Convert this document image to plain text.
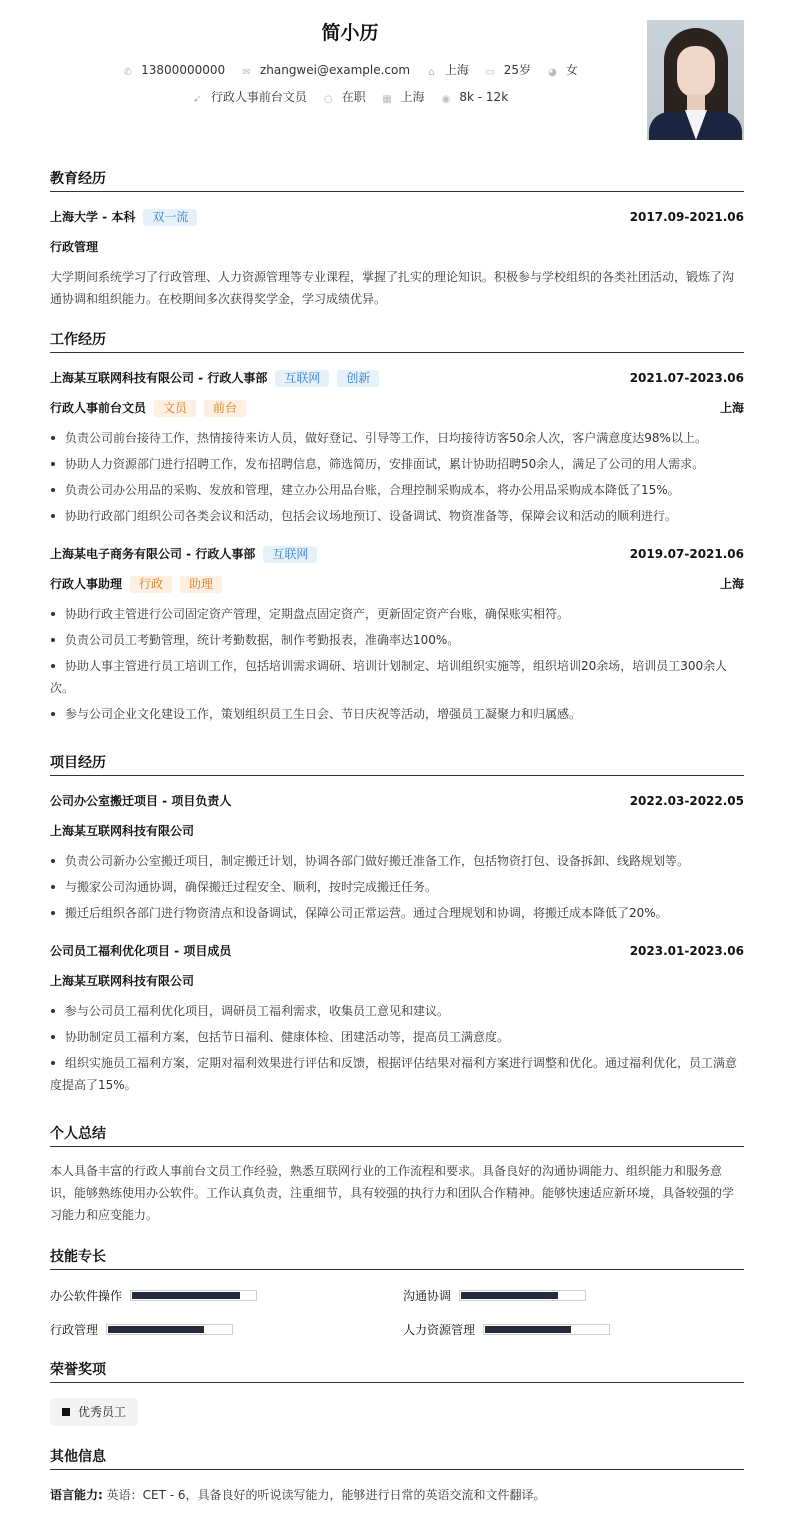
简小历
✆ 13800000000 ✉ zhangwei@example.com ⌂ 上海 ▭ 25岁 ◕ 女
➹ 行政人事前台文员 ○ 在职 ▦ 上海 ◉ 8k - 12k
教育经历
上海大学 - 本科 双一流	2017.09-2021.06
行政管理
大学期间系统学习了行政管理、人力资源管理等专业课程，掌握了扎实的理论知识。积极参与学校组织的各类社团活动，锻炼了沟通协调和组织能力。在校期间多次获得奖学金，学习成绩优异。
工作经历
上海某互联网科技有限公司 - 行政人事部 互联网 创新	2021.07-2023.06
行政人事前台文员 文员 前台	上海
负责公司前台接待工作，热情接待来访人员，做好登记、引导等工作，日均接待访客50余人次，客户满意度达98%以上。
协助人力资源部门进行招聘工作，发布招聘信息，筛选简历，安排面试，累计协助招聘50余人，满足了公司的用人需求。
负责公司办公用品的采购、发放和管理，建立办公用品台账，合理控制采购成本，将办公用品采购成本降低了15%。
协助行政部门组织公司各类会议和活动，包括会议场地预订、设备调试、物资准备等，保障会议和活动的顺利进行。
上海某电子商务有限公司 - 行政人事部 互联网	2019.07-2021.06
行政人事助理 行政 助理	上海
协助行政主管进行公司固定资产管理，定期盘点固定资产，更新固定资产台账，确保账实相符。
负责公司员工考勤管理，统计考勤数据，制作考勤报表，准确率达100%。
协助人事主管进行员工培训工作，包括培训需求调研、培训计划制定、培训组织实施等，组织培训20余场，培训员工300余人次。
参与公司企业文化建设工作，策划组织员工生日会、节日庆祝等活动，增强员工凝聚力和归属感。
项目经历
公司办公室搬迁项目 - 项目负责人	2022.03-2022.05
上海某互联网科技有限公司
负责公司新办公室搬迁项目，制定搬迁计划，协调各部门做好搬迁准备工作，包括物资打包、设备拆卸、线路规划等。
与搬家公司沟通协调，确保搬迁过程安全、顺利，按时完成搬迁任务。
搬迁后组织各部门进行物资清点和设备调试，保障公司正常运营。通过合理规划和协调，将搬迁成本降低了20%。
公司员工福利优化项目 - 项目成员	2023.01-2023.06
上海某互联网科技有限公司
参与公司员工福利优化项目，调研员工福利需求，收集员工意见和建议。
协助制定员工福利方案，包括节日福利、健康体检、团建活动等，提高员工满意度。
组织实施员工福利方案，定期对福利效果进行评估和反馈，根据评估结果对福利方案进行调整和优化。通过福利优化，员工满意度提高了15%。
个人总结
本人具备丰富的行政人事前台文员工作经验，熟悉互联网行业的工作流程和要求。具备良好的沟通协调能力、组织能力和服务意识，能够熟练使用办公软件。工作认真负责，注重细节，具有较强的执行力和团队合作精神。能够快速适应新环境，具备较强的学习能力和应变能力。
技能专长
办公软件操作	沟通协调
行政管理	人力资源管理
荣誉奖项
优秀员工
其他信息
语言能力: 英语：CET - 6，具备良好的听说读写能力，能够进行日常的英语交流和文件翻译。
